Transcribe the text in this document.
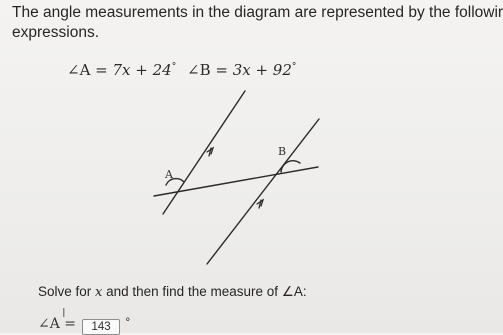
The angle measurements in the diagram are represented by the followir
expressions.
∠A = 7x + 24° ∠B = 3x + 92°
A
B
Solve for x and then find the measure of ∠A:
I
∠A =	143	°
